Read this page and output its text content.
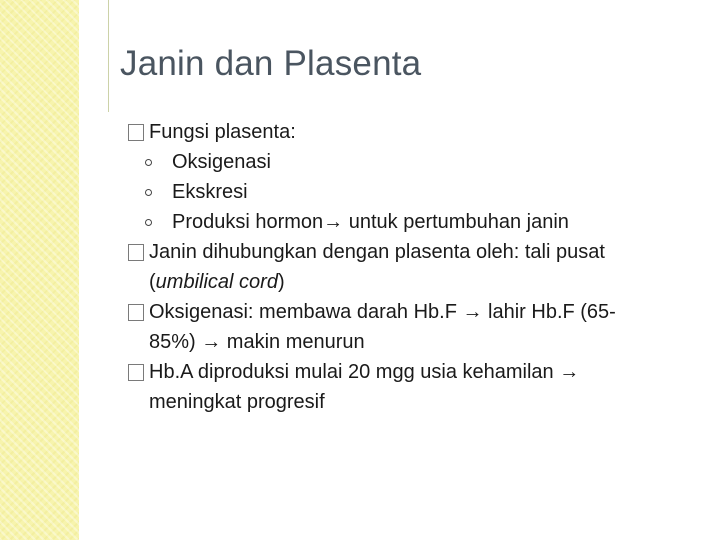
Janin dan Plasenta
Fungsi plasenta:
Oksigenasi
Ekskresi
Produksi hormon→ untuk pertumbuhan janin
Janin dihubungkan dengan plasenta oleh: tali pusat
(umbilical cord)
Oksigenasi: membawa darah Hb.F → lahir Hb.F (65-
85%) → makin menurun
Hb.A diproduksi mulai 20 mgg usia kehamilan →
meningkat progresif
